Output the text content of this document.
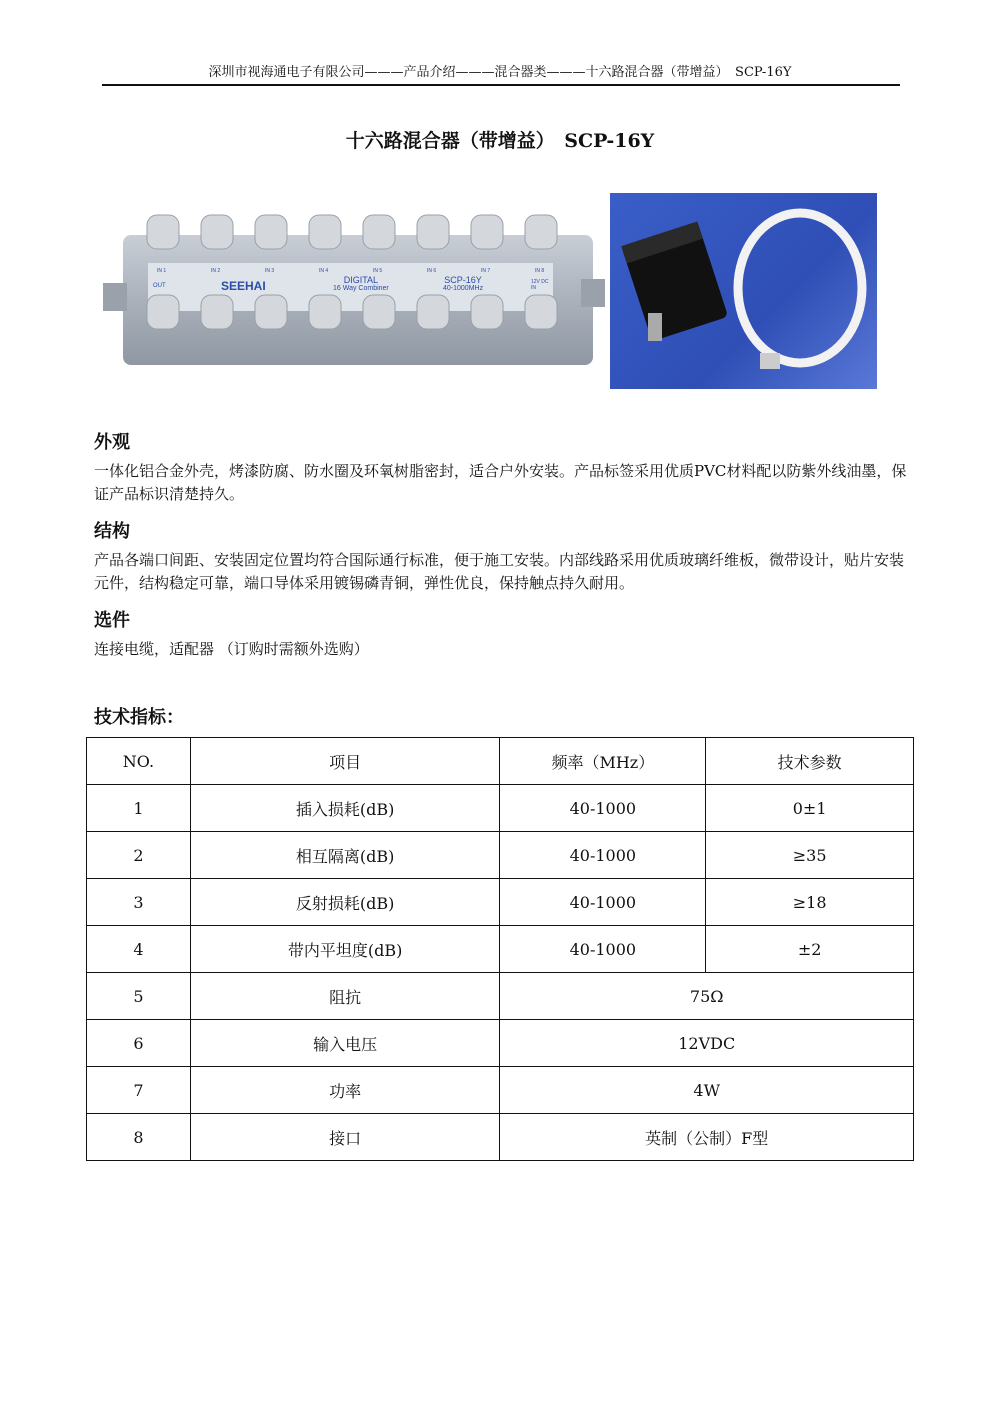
深圳市视海通电子有限公司———产品介绍———混合器类———十六路混合器（带增益）　SCP-16Y
十六路混合器（带增益）　SCP-16Y
SEEHAI	DIGITAL
16 Way Combiner
SCP-16Y
40-1000MHz
OUT
12V DC IN
IN 1	IN 2	IN 3	IN 4	IN 5	IN 6	IN 7	IN 8
外观
一体化铝合金外壳，烤漆防腐、防水圈及环氧树脂密封，适合户外安装。产品标签采用优质PVC材料配以防紫外线油墨，保证产品标识清楚持久。
结构
产品各端口间距、安装固定位置均符合国际通行标准，便于施工安装。内部线路采用优质玻璃纤维板，微带设计，贴片安装元件，结构稳定可靠，端口导体采用镀锡磷青铜，弹性优良，保持触点持久耐用。
选件
连接电缆，适配器 （订购时需额外选购）
技术指标：
NO.	项目	频率（MHz）	技术参数
1	插入损耗(dB)	40-1000	0±1
2	相互隔离(dB)	40-1000	≥35
3	反射损耗(dB)	40-1000	≥18
4	带内平坦度(dB)	40-1000	±2
5	阻抗	75Ω	
6	输入电压	12VDC	
7	功率	4W	
8	接口	英制（公制）F型	
